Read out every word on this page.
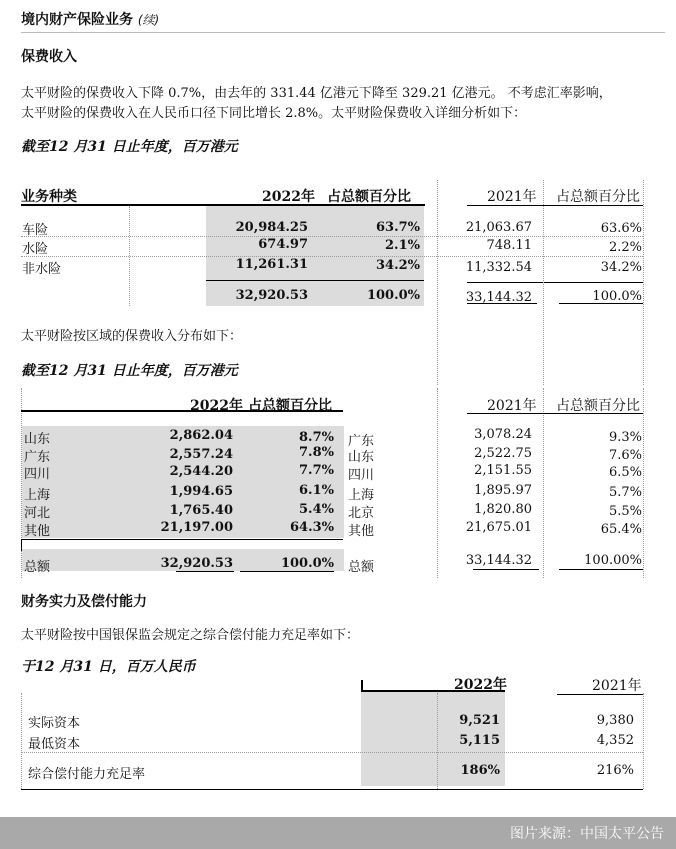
境内财产保险业务 (续)
保费收入
太平财险的保费收入下降 0.7%，由去年的 331.44 亿港元下降至 329.21 亿港元。 不考虑汇率影响，
太平财险的保费收入在人民币口径下同比增长 2.8%。太平财险保费收入详细分析如下：
截至12 月31 日止年度，百万港元
业务种类	2022年 占总额百分比	2021年 占总额百分比
车险	20,984.25	63.7%	21,063.67	63.6%
水险	674.97	2.1%	748.11	2.2%
非水险	11,261.31	34.2%	11,332.54	34.2%
32,920.53	100.0%	33,144.32	100.0%
太平财险按区域的保费收入分布如下：
截至12 月31 日止年度，百万港元
2022年 占总额百分比	2021年 占总额百分比
山东	2,862.04	8.7% 广东	3,078.24	9.3%
广东	2,557.24	7.8% 山东	2,522.75	7.6%
四川	2,544.20	7.7% 四川	2,151.55	6.5%
上海	1,994.65	6.1% 上海	1,895.97	5.7%
河北	1,765.40	5.4% 北京	1,820.80	5.5%
其他	21,197.00	64.3% 其他	21,675.01	65.4%
总额	32,920.53	100.0% 总额	33,144.32	100.00%
财务实力及偿付能力
太平财险按中国银保监会规定之综合偿付能力充足率如下：
于12 月31 日，百万人民币
2022年	2021年
实际资本	9,521	9,380
最低资本	5,115	4,352
综合偿付能力充足率	186%	216%
图片来源：中国太平公告
